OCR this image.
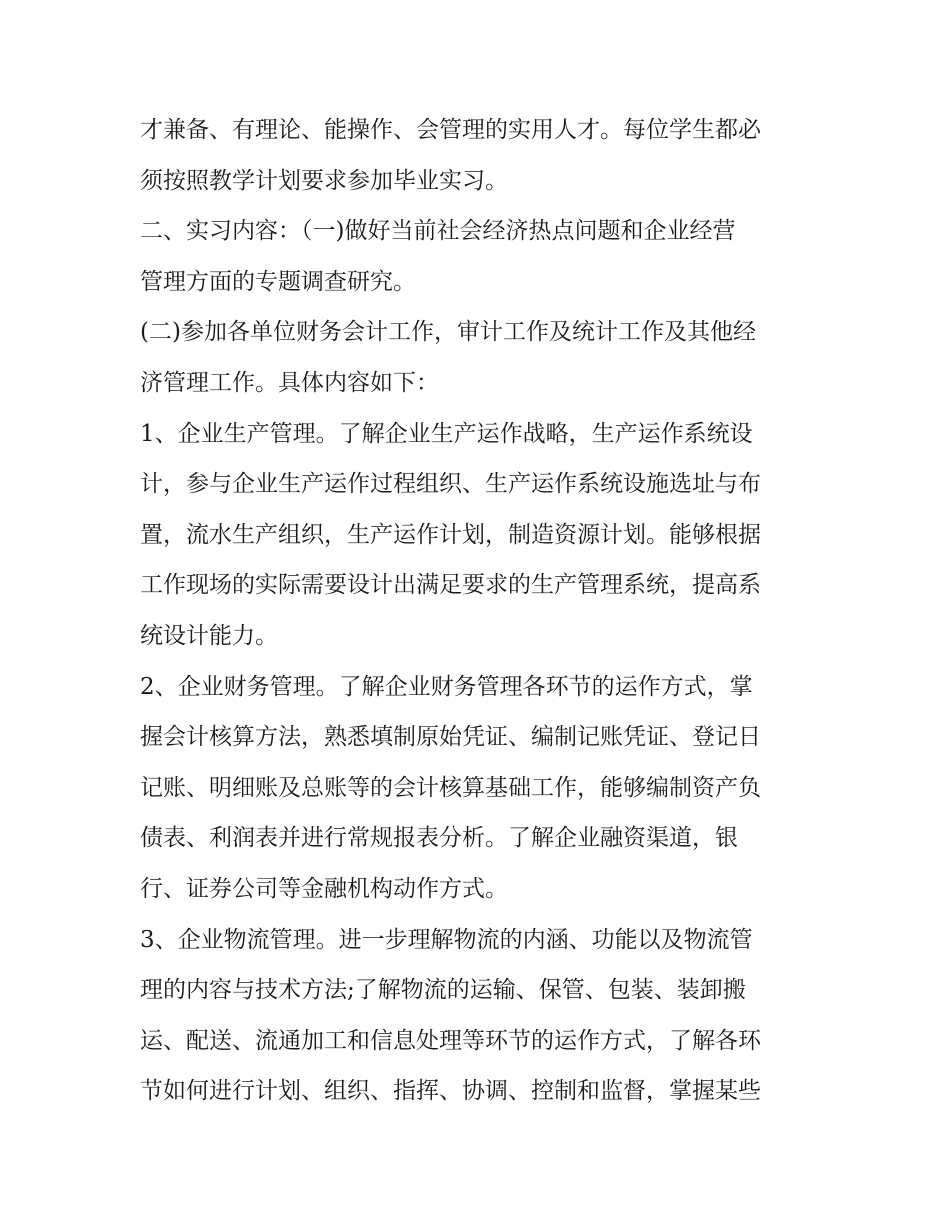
才兼备、有理论、能操作、会管理的实用人才。每位学生都必
须按照教学计划要求参加毕业实习。
二、实习内容：（一)做好当前社会经济热点问题和企业经营
管理方面的专题调查研究。
(二)参加各单位财务会计工作，审计工作及统计工作及其他经
济管理工作。具体内容如下：
1、企业生产管理。了解企业生产运作战略，生产运作系统设
计，参与企业生产运作过程组织、生产运作系统设施选址与布
置，流水生产组织，生产运作计划，制造资源计划。能够根据
工作现场的实际需要设计出满足要求的生产管理系统，提高系
统设计能力。
2、企业财务管理。了解企业财务管理各环节的运作方式，掌
握会计核算方法，熟悉填制原始凭证、编制记账凭证、登记日
记账、明细账及总账等的会计核算基础工作，能够编制资产负
债表、利润表并进行常规报表分析。了解企业融资渠道，银
行、证券公司等金融机构动作方式。
3、企业物流管理。进一步理解物流的内涵、功能以及物流管
理的内容与技术方法;了解物流的运输、保管、包装、装卸搬
运、配送、流通加工和信息处理等环节的运作方式，了解各环
节如何进行计划、组织、指挥、协调、控制和监督，掌握某些
